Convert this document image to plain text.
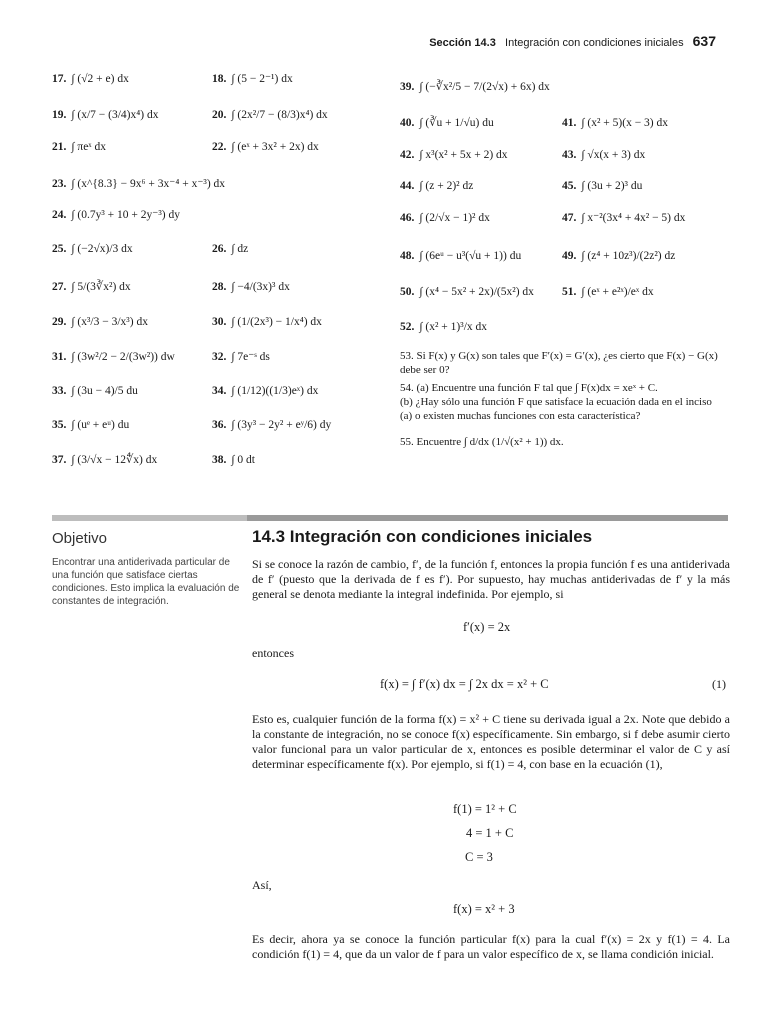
Sección 14.3 Integración con condiciones iniciales 637
17. ∫ (√2 + e) dx	18. ∫ (5 − 2⁻¹) dx
19. ∫ (x/7 − (3/4)x⁴) dx	20. ∫ (2x²/7 − (8/3)x⁴) dx
21. ∫ πeˣ dx	22. ∫ (eˣ + 3x² + 2x) dx
23. ∫ (x^{8.3} − 9x⁶ + 3x⁻⁴ + x⁻³) dx
24. ∫ (0.7y³ + 10 + 2y⁻³) dy
25. ∫ (−2√x)/3 dx	26. ∫ dz
27. ∫ 5/(3∛x²) dx	28. ∫ −4/(3x)³ dx
29. ∫ (x³/3 − 3/x³) dx	30. ∫ (1/(2x³) − 1/x⁴) dx
31. ∫ (3w²/2 − 2/(3w²)) dw	32. ∫ 7e⁻ˢ ds
33. ∫ (3u − 4)/5 du	34. ∫ (1/12)((1/3)eˣ) dx
35. ∫ (uᵉ + eᵘ) du	36. ∫ (3y³ − 2y² + eʸ/6) dy
37. ∫ (3/√x − 12∜x) dx	38. ∫ 0 dt
39. ∫ (−∛x²/5 − 7/(2√x) + 6x) dx
40. ∫ (∛u + 1/√u) du	41. ∫ (x² + 5)(x − 3) dx
42. ∫ x³(x² + 5x + 2) dx	43. ∫ √x(x + 3) dx
44. ∫ (z + 2)² dz	45. ∫ (3u + 2)³ du
46. ∫ (2/√x − 1)² dx	47. ∫ x⁻²(3x⁴ + 4x² − 5) dx
48. ∫ (6eᵘ − u³(√u + 1)) du	49. ∫ (z⁴ + 10z³)/(2z²) dz
50. ∫ (x⁴ − 5x² + 2x)/(5x²) dx 51. ∫ (eˣ + e²ˣ)/eˣ dx
52. ∫ (x² + 1)³/x dx
53. Si F(x) y G(x) son tales que F′(x) = G′(x), ¿es cierto que F(x) − G(x) debe ser 0?
54. (a) Encuentre una función F tal que ∫ F(x)dx = xeˣ + C.
(b) ¿Hay sólo una función F que satisface la ecuación dada en el inciso (a) o existen muchas funciones con esta característica?
55. Encuentre ∫ d/dx (1/√(x² + 1)) dx.
Objetivo
Encontrar una antiderivada particular de una función que satisface ciertas condiciones. Esto implica la evaluación de constantes de integración.
14.3 Integración con condiciones iniciales
Si se conoce la razón de cambio, f′, de la función f, entonces la propia función f es una antiderivada de f′ (puesto que la derivada de f es f′). Por supuesto, hay muchas antiderivadas de f′ y la más general se denota mediante la integral indefinida. Por ejemplo, si
f′(x) = 2x
entonces
f(x) = ∫ f′(x) dx = ∫ 2x dx = x² + C	(1)
Esto es, cualquier función de la forma f(x) = x² + C tiene su derivada igual a 2x. Note que debido a la constante de integración, no se conoce f(x) específicamente. Sin embargo, si f debe asumir cierto valor funcional para un valor particular de x, entonces es posible determinar el valor de C y así determinar específicamente f(x). Por ejemplo, si f(1) = 4, con base en la ecuación (1),
f(1) = 1² + C
4 = 1 + C
C = 3
Así,
f(x) = x² + 3
Es decir, ahora ya se conoce la función particular f(x) para la cual f′(x) = 2x y f(1) = 4. La condición f(1) = 4, que da un valor de f para un valor específico de x, se llama condición inicial.
